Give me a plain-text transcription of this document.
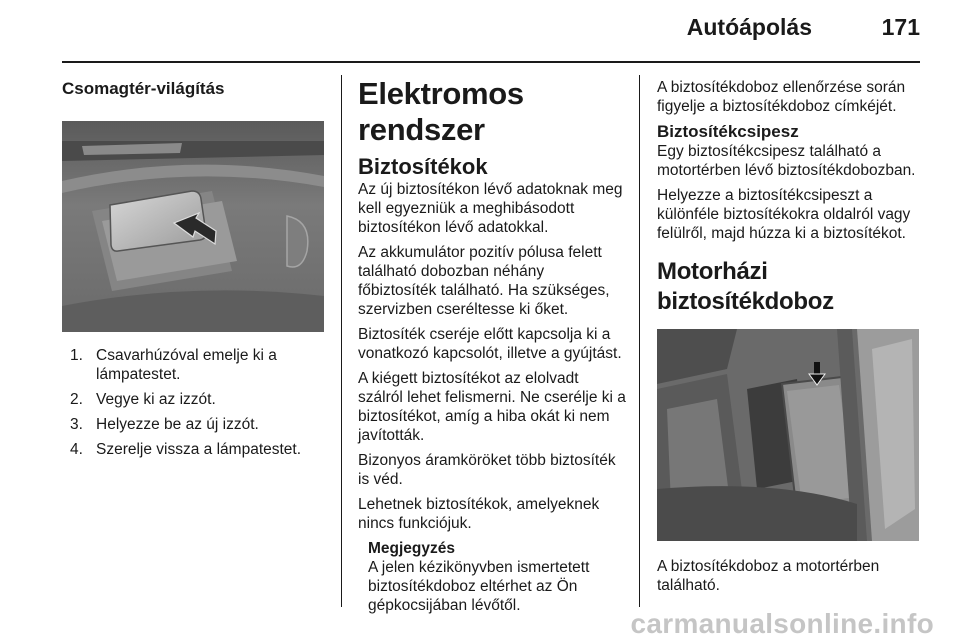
Autóápolás	171
Csomagtér-világítás
1. Csavarhúzóval emelje ki a lámpatestet.
2. Vegye ki az izzót.
3. Helyezze be az új izzót.
4. Szerelje vissza a lámpatestet.
Elektromos rendszer
Biztosítékok

Az új biztosítékon lévő adatoknak meg kell egyezniük a meghibásodott biztosítékon lévő adatokkal.

Az akkumulátor pozitív pólusa felett található dobozban néhány főbiztosíték található. Ha szükséges, szervizben cseréltesse ki őket.

Biztosíték cseréje előtt kapcsolja ki a vonatkozó kapcsolót, illetve a gyújtást.

A kiégett biztosítékot az elolvadt szálról lehet felismerni. Ne cserélje ki a biztosítékot, amíg a hiba okát ki nem javították.

Bizonyos áramköröket több biztosíték is véd.

Lehetnek biztosítékok, amelyeknek nincs funkciójuk.

Megjegyzés

A jelen kézikönyvben ismertetett biztosítékdoboz eltérhet az Ön gépkocsijában lévőtől.

A biztosítékdoboz ellenőrzése során figyelje a biztosítékdoboz címkéjét.

Biztosítékcsipesz

Egy biztosítékcsipesz található a motortérben lévő biztosítékdobozban.

Helyezze a biztosítékcsipeszt a különféle biztosítékokra oldalról vagy felülről, majd húzza ki a biztosítékot.

Motorházi biztosítékdoboz

A biztosítékdoboz a motortérben található.

carmanualsonline.info
